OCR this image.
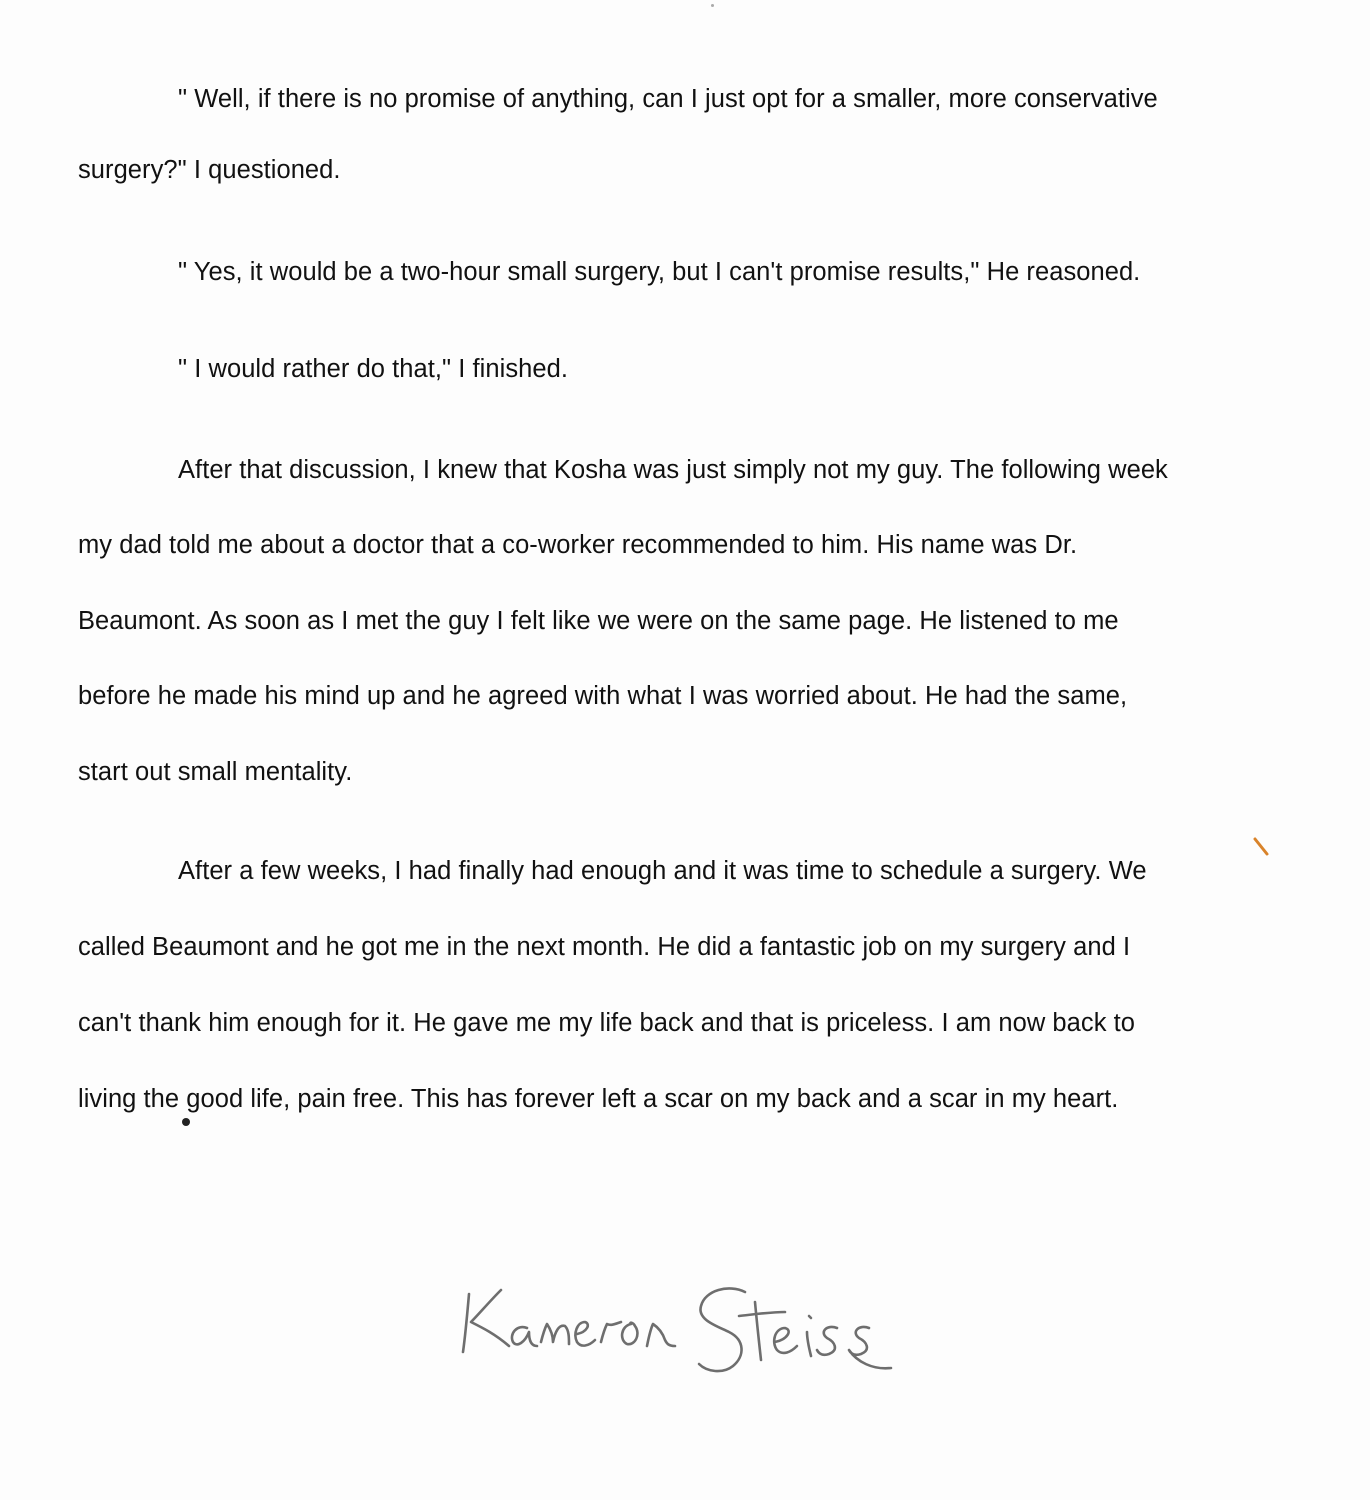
" Well, if there is no promise of anything, can I just opt for a smaller, more conservative
surgery?" I questioned.
" Yes, it would be a two-hour small surgery, but I can't promise results," He reasoned.
" I would rather do that," I finished.
After that discussion, I knew that Kosha was just simply not my guy. The following week
my dad told me about a doctor that a co-worker recommended to him. His name was Dr.
Beaumont. As soon as I met the guy I felt like we were on the same page. He listened to me
before he made his mind up and he agreed with what I was worried about. He had the same,
start out small mentality.
After a few weeks, I had finally had enough and it was time to schedule a surgery. We
called Beaumont and he got me in the next month. He did a fantastic job on my surgery and I
can't thank him enough for it. He gave me my life back and that is priceless. I am now back to
living the good life, pain free. This has forever left a scar on my back and a scar in my heart.
